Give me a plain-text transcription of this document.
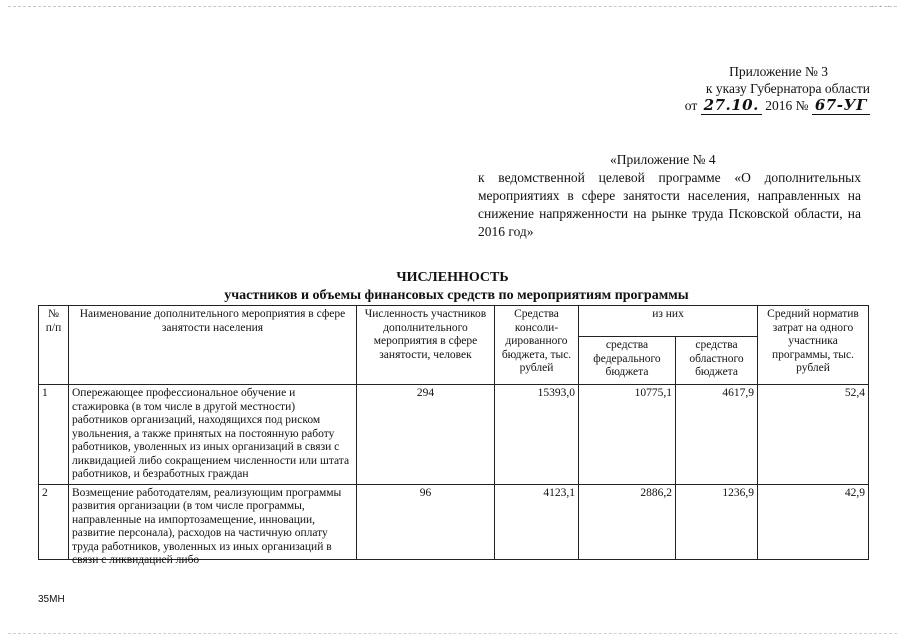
· · ·
Приложение № 3
к указу Губернатора области
от 27.10. 2016 № 67-УГ
«Приложение № 4
к ведомственной целевой программе «О дополнительных мероприятиях в сфере занятости населения, направленных на снижение напряженности на рынке труда Псковской области, на 2016 год»
ЧИСЛЕННОСТЬ
участников и объемы финансовых средств по мероприятиям программы
№ п/п	Наименование дополнительного мероприятия в сфере занятости населения	Численность участников дополнительного мероприятия в сфере занятости, человек	Средства консоли-дированного бюджета, тыс. рублей	из них		Средний норматив затрат на одного участника программы, тыс. рублей
				средства федерального бюджета	средства областного бюджета	
1	Опережающее профессиональное обучение и стажировка (в том числе в другой местности) работников организаций, находящихся под риском увольнения, а также принятых на постоянную работу работников, уволенных из иных организаций в связи с ликвидацией либо сокращением численности или штата работников, и безработных граждан	294	15393,0	10775,1	4617,9	52,4
2	Возмещение работодателям, реализующим программы развития организации (в том числе программы, направленные на импортозамещение, инновации, развитие персонала), расходов на частичную оплату труда работников, уволенных из иных организаций в связи с ликвидацией либо	96	4123,1	2886,2	1236,9	42,9
35МН
